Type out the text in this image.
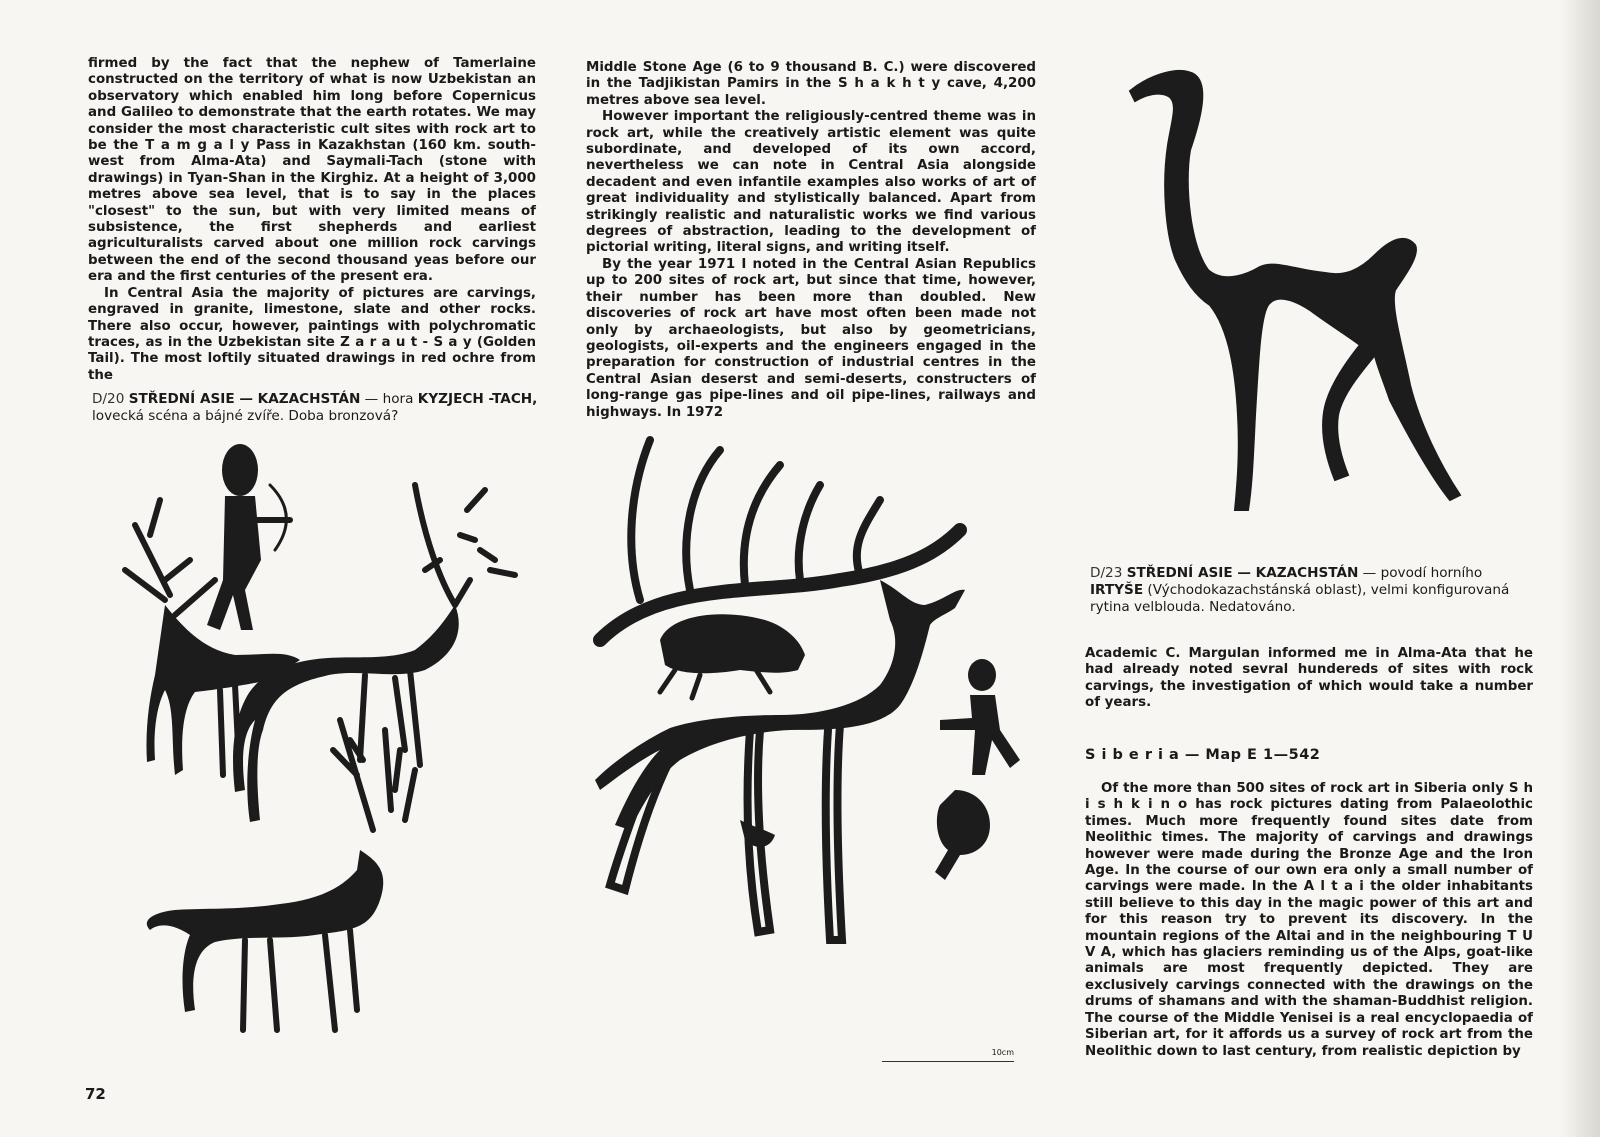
firmed by the fact that the nephew of Tamerlaine constructed on the territory of what is now Uzbekistan an observatory which enabled him long before Copernicus and Galileo to demonstrate that the earth rotates. We may consider the most characteristic cult sites with rock art to be the T a m g a l y Pass in Kazakhstan (160 km. south-west from Alma-Ata) and Saymali-Tach (stone with drawings) in Tyan-Shan in the Kirghiz. At a height of 3,000 metres above sea level, that is to say in the places "closest" to the sun, but with very limited means of subsistence, the first shepherds and earliest agriculturalists carved about one million rock carvings between the end of the second thousand yeas before our era and the first centuries of the present era.

In Central Asia the majority of pictures are carvings, engraved in granite, limestone, slate and other rocks. There also occur, however, paintings with polychromatic traces, as in the Uzbekistan site Z a r a u t - S a y (Golden Tail). The most loftily situated drawings in red ochre from the

Middle Stone Age (6 to 9 thousand B. C.) were discovered in the Tadjikistan Pamirs in the S h a k h t y cave, 4,200 metres above sea level.

However important the religiously-centred theme was in rock art, while the creatively artistic element was quite subordinate, and developed of its own accord, nevertheless we can note in Central Asia alongside decadent and even infantile examples also works of art of great individuality and stylistically balanced. Apart from strikingly realistic and naturalistic works we find various degrees of abstraction, leading to the development of pictorial writing, literal signs, and writing itself.

By the year 1971 I noted in the Central Asian Republics up to 200 sites of rock art, but since that time, however, their number has been more than doubled. New discoveries of rock art have most often been made not only by archaeologists, but also by geometricians, geologists, oil-experts and the engineers engaged in the preparation for construction of industrial centres in the Central Asian deserst and semi-deserts, constructers of long-range gas pipe-lines and oil pipe-lines, railways and highways. In 1972

D/20 STŘEDNÍ ASIE — KAZACHSTÁN — hora KYZJECH -TACH, lovecká scéna a bájné zvíře. Doba bronzová?
D/23 STŘEDNÍ ASIE — KAZACHSTÁN — povodí horního IRTYŠE (Východokazachstánská oblast), velmi konfigurovaná rytina velblouda. Nedatováno.

Academic C. Margulan informed me in Alma-Ata that he had already noted sevral hundereds of sites with rock carvings, the investigation of which would take a number of years.

S i b e r i a — Map E 1—542

Of the more than 500 sites of rock art in Siberia only S h i s h k i n o has rock pictures dating from Palaeolothic times. Much more frequently found sites date from Neolithic times. The majority of carvings and drawings however were made during the Bronze Age and the Iron Age. In the course of our own era only a small number of carvings were made. In the A l t a i the older inhabitants still believe to this day in the magic power of this art and for this reason try to prevent its discovery. In the mountain regions of the Altai and in the neighbouring T U V A, which has glaciers reminding us of the Alps, goat-like animals are most frequently depicted. They are exclusively carvings connected with the drawings on the drums of shamans and with the shaman-Buddhist religion. The course of the Middle Yenisei is a real encyclopaedia of Siberian art, for it affords us a survey of rock art from the Neolithic down to last century, from realistic depiction by

10cm
72
